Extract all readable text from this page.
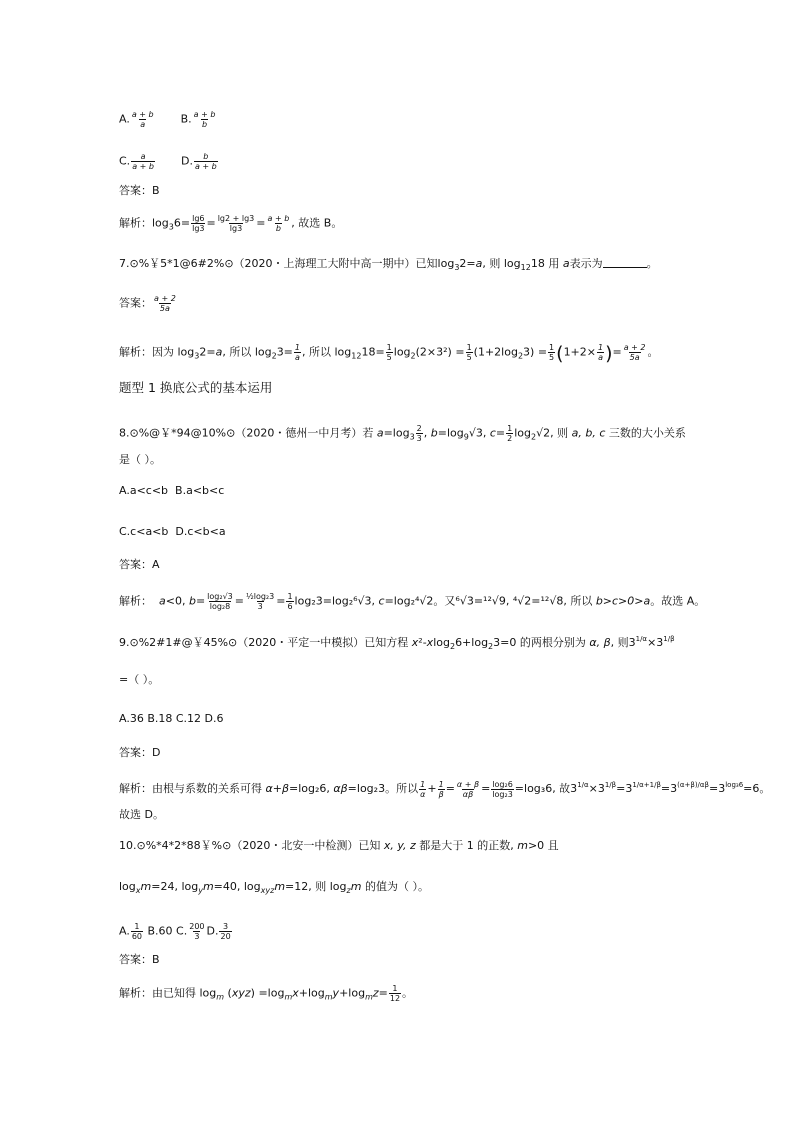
A. $\frac{a + b}{a} B$. $\frac{a + b}{b}$
C. $\frac{a}{a + b} D$. $\frac{b}{a + b}$
答案：B
解析：$\log_36= \frac{\lg 6}{\lg 3} = \frac{\lg 2 + \lg 3}{\lg 3} = \frac{a + b}{b}$ , 故选 B。
7.⊙%￥5*1@6#2%⊙（2020・上海理工大附中高一期中）已知$\log_32=a$, 则 $\log_{12}18$ 用 a表示为	。
答案： $\frac{a + 2}{5a}$
解析：因为 $\log_32=a$, 所以 $\log_23= \frac{1}{a}$ , 所以 $\log_{12}18= \frac{1}{5} \log_2(2\times 3^2) = \frac{1}{5} (1+2\log_23) = \frac{1}{5} (1+2\times \frac{1}{a}$ )= $\frac{a + 2}{5a}$ 。
题型 1 换底公式的基本运用
8.⊙%@￥*94@10%⊙（2020・德州一中月考）若 $a=\log_3 \frac{2}{3}$ , $b=\log_9√3$, $c= \frac{1}{2} \log_2√2$, 则 a, b, c 三数的大小关系
是（ ）。
A.a<c<b B.a<b<c
C.c<a<b D.c<b<a
答案：A
解析： a<0, $b= \frac{\text{log₂√3}}{\text{log₂8}} = \frac{\text{½log₂3}}{3} = \frac{1}{6} \log_23=\log_2^6√3$, c=log₂⁴√2。又⁶√3=¹²√9, ⁴√2=¹²√8, 所以 b>c>0>a。故选 A。
9.⊙%2#1#@￥45%⊙（2020・平定一中模拟）已知方程 $x^2-xlog_26+\log_23=0$ 的两根分别为 α, β, 则$3^{1/\alpha}\times 3^{1/\beta}$
=（ ）。
A.36 B.18 C.12 D.6
答案：D
解析：由根与系数的关系可得 α+β=log₂6, αβ=log₂3。所以 $\frac{1}{\alpha} + \frac{1}{\beta} = \frac{\alpha + \beta}{\alpha\beta} = \frac{\text{log₂6}}{\text{log₂3}} =\log_36$, 故$3^{1/\alpha}\times 3^{1/\beta}=3^{1/\alpha+1/\beta}=3^{(\alpha+\beta)/\alpha\beta}=3^{log_36}=6$。
故选 D。
10.⊙%*4*2*88￥%⊙（2020・北安一中检测）已知 x, y, z 都是大于 1 的正数, m>0 且
$\log_xm=24$, $\log_ym=40$, $\log_{xyz}m=12$, 则 $\log_zm$ 的值为（ ）。
A. $\frac{1}{60} B.60$ C. $\frac{200}{3} D$. $\frac{3}{20}$
答案：B
解析：由已知得 $\log_m (xyz) =\log_mx+\log_my+\log_mz= \frac{1}{12}$ 。
